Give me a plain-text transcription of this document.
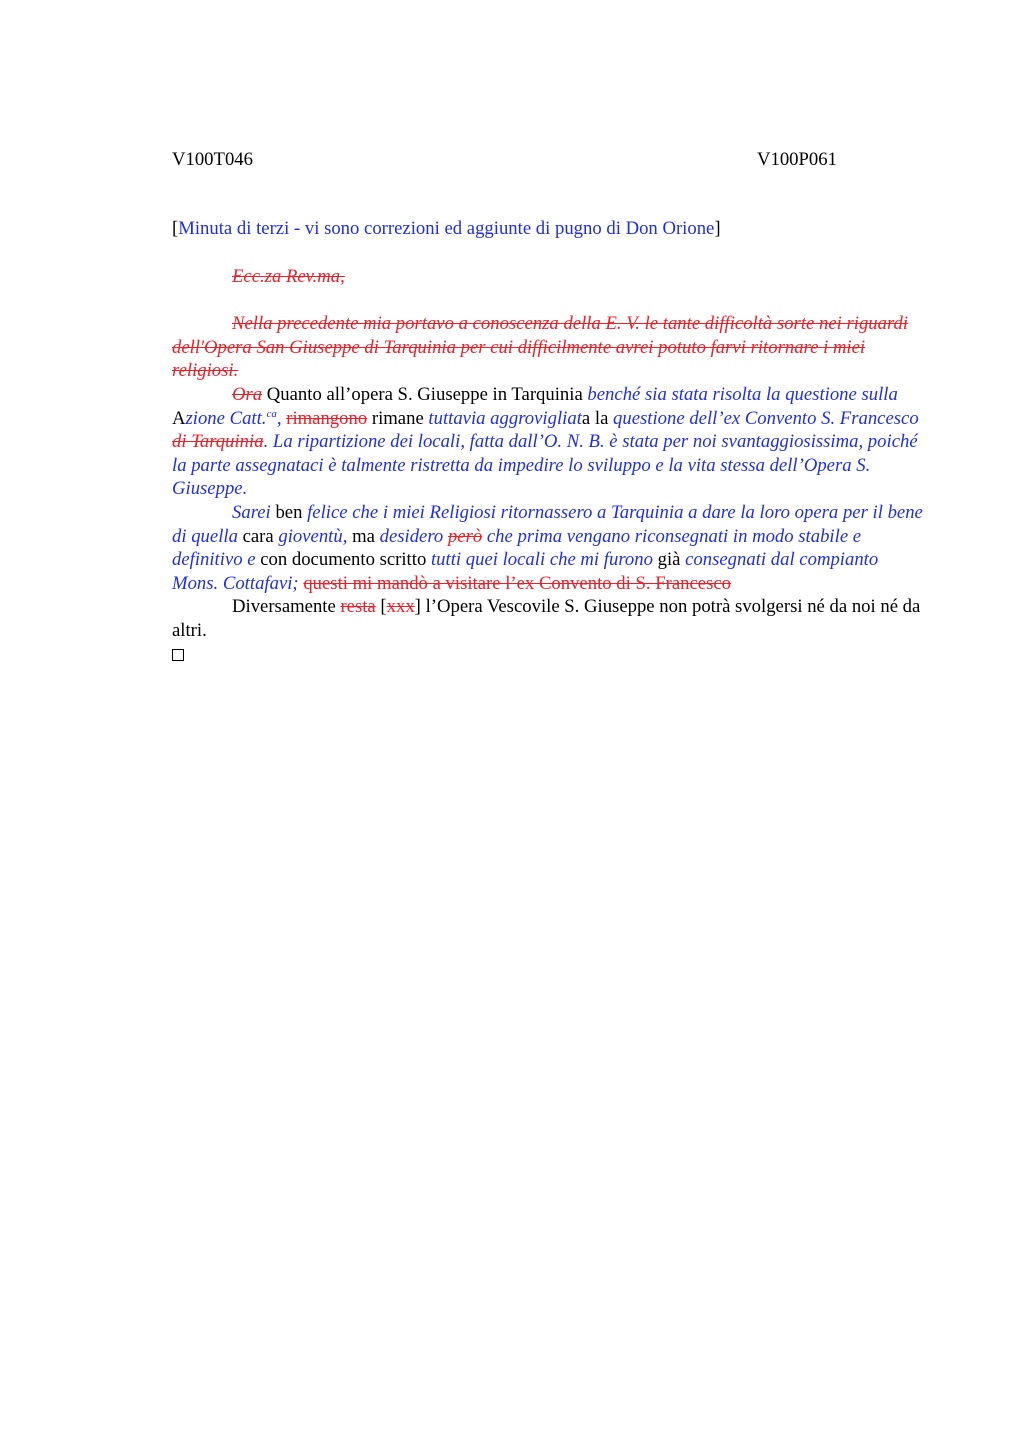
V100T046	V100P061

[Minuta di terzi - vi sono correzioni ed aggiunte di pugno di Don Orione]

Ecc.za Rev.ma,

Nella precedente mia portavo a conoscenza della E. V. le tante difficoltà sorte nei riguardi dell'Opera San Giuseppe di Tarquinia per cui difficilmente avrei potuto farvi ritornare i miei religiosi.

Ora Quanto all’opera S. Giuseppe in Tarquinia benché sia stata risolta la questione sulla Azione Catt.$^{ca}$, rimangono rimane tuttavia aggrovigliata la questione dell’ex Convento S. Francesco di Tarquinia. La ripartizione dei locali, fatta dall’O. N. B. è stata per noi svantaggiosissima, poiché la parte assegnataci è talmente ristretta da impedire lo sviluppo e la vita stessa dell’Opera S. Giuseppe.

Sarei ben felice che i miei Religiosi ritornassero a Tarquinia a dare la loro opera per il bene di quella cara gioventù, ma desidero però che prima vengano riconsegnati in modo stabile e definitivo e con documento scritto tutti quei locali che mi furono già consegnati dal compianto Mons. Cottafavi; questi mi mandò a visitare l’ex Convento di S. Francesco

Diversamente resta [xxx] l’Opera Vescovile S. Giuseppe non potrà svolgersi né da noi né da altri.
